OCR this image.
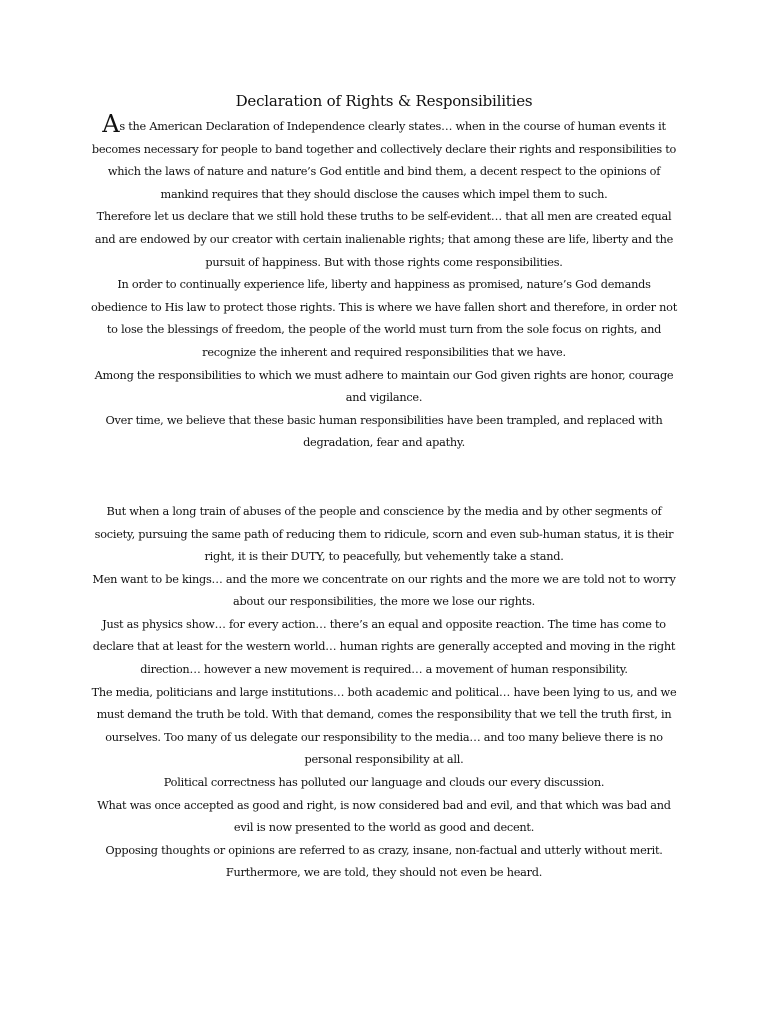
Declaration of Rights & Responsibilities

As the American Declaration of Independence clearly states… when in the course of human events it becomes necessary for people to band together and collectively declare their rights and responsibilities to which the laws of nature and nature’s God entitle and bind them, a decent respect to the opinions of mankind requires that they should disclose the causes which impel them to such.

Therefore let us declare that we still hold these truths to be self-evident… that all men are created equal and are endowed by our creator with certain inalienable rights; that among these are life, liberty and the pursuit of happiness. But with those rights come responsibilities.

In order to continually experience life, liberty and happiness as promised, nature’s God demands obedience to His law to protect those rights. This is where we have fallen short and therefore, in order not to lose the blessings of freedom, the people of the world must turn from the sole focus on rights, and recognize the inherent and required responsibilities that we have.

Among the responsibilities to which we must adhere to maintain our God given rights are honor, courage and vigilance.

Over time, we believe that these basic human responsibilities have been trampled, and replaced with degradation, fear and apathy.

But when a long train of abuses of the people and conscience by the media and by other segments of society, pursuing the same path of reducing them to ridicule, scorn and even sub-human status, it is their right, it is their DUTY, to peacefully, but vehemently take a stand.

Men want to be kings… and the more we concentrate on our rights and the more we are told not to worry about our responsibilities, the more we lose our rights.

Just as physics show… for every action… there’s an equal and opposite reaction. The time has come to declare that at least for the western world… human rights are generally accepted and moving in the right direction… however a new movement is required… a movement of human responsibility.

The media, politicians and large institutions… both academic and political… have been lying to us, and we must demand the truth be told. With that demand, comes the responsibility that we tell the truth first, in ourselves. Too many of us delegate our responsibility to the media… and too many believe there is no personal responsibility at all.

Political correctness has polluted our language and clouds our every discussion.

What was once accepted as good and right, is now considered bad and evil, and that which was bad and evil is now presented to the world as good and decent.

Opposing thoughts or opinions are referred to as crazy, insane, non-factual and utterly without merit.

Furthermore, we are told, they should not even be heard.
